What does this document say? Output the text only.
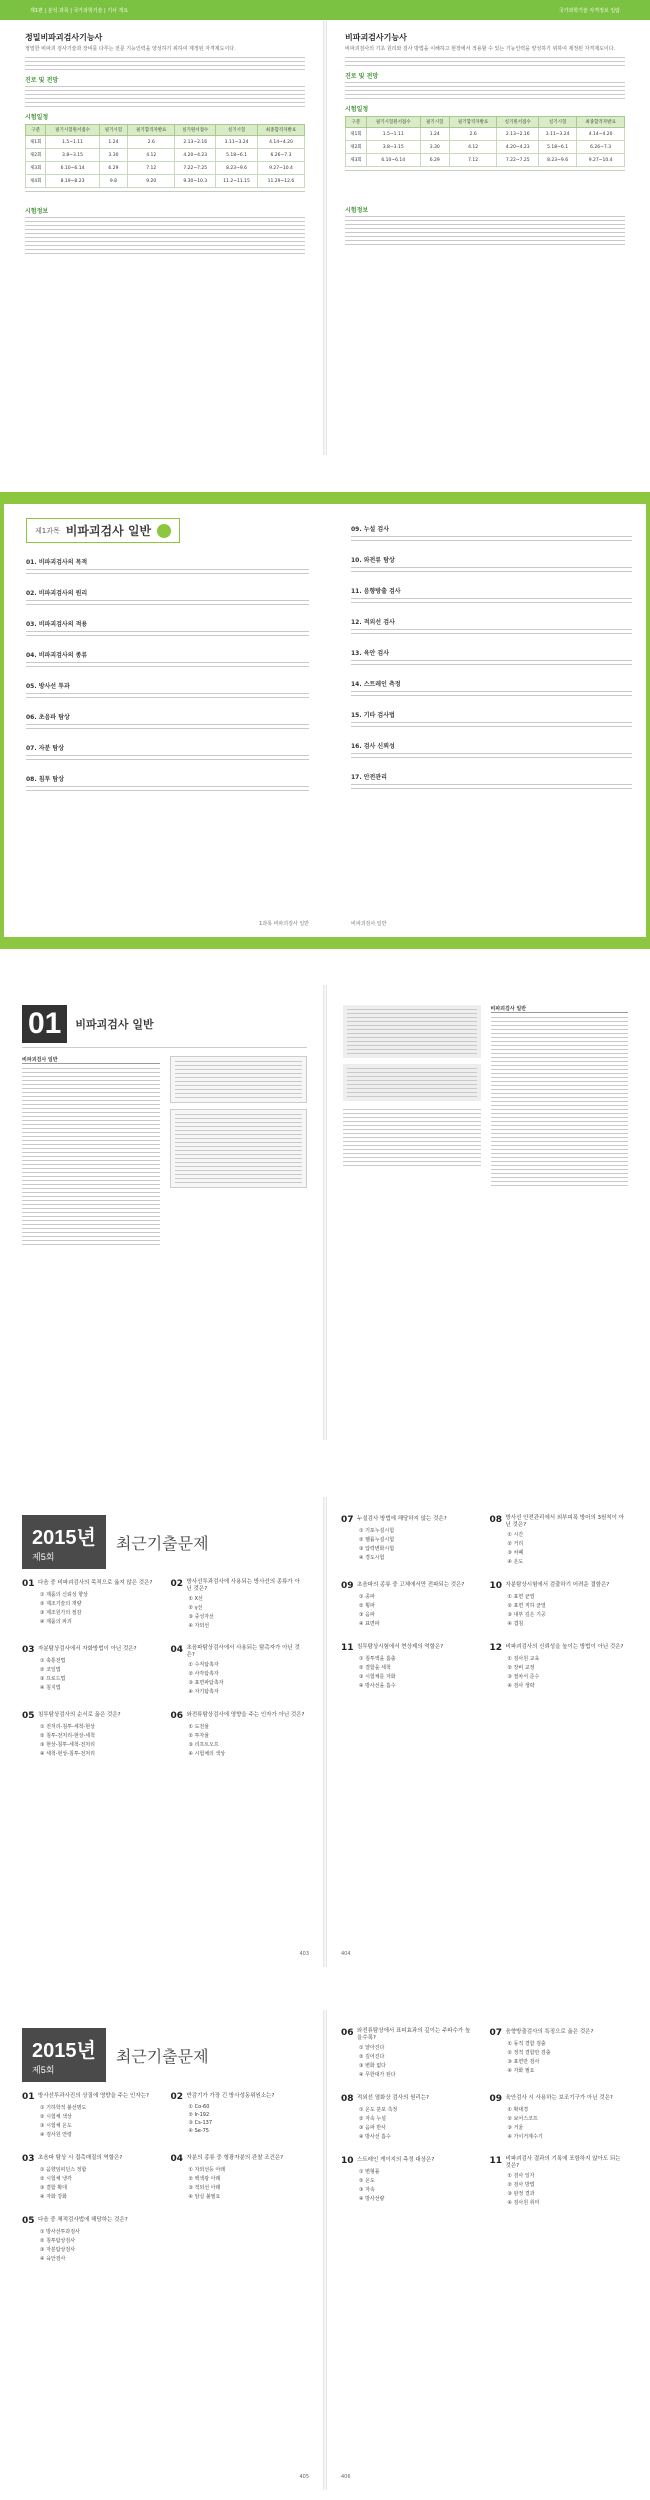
제1편 | 분석 과목 | 국가과학기술 | 기사 개요	국가과학기술 자격정보 일람
정밀비파괴검사기능사
정밀한 비파괴 검사기술과 장비를 다루는 전문 기능인력을 양성하기 위하여 제정된 자격제도이다.
진로 및 전망
시험일정
구분	필기시험원서접수	필기시험	필기합격자발표	실기원서접수	실기시험	최종합격자발표
제1회	1.5~1.11	1.24	2.6	2.13~2.16	3.11~3.24	4.14~4.20
제2회	3.8~3.15	3.30	4.12	4.20~4.23	5.18~6.1	6.26~7.3
제3회	6.10~6.14	6.29	7.12	7.22~7.25	8.23~9.6	9.27~10.4
제4회	8.19~8.23	9.8	9.20	9.30~10.3	11.2~11.15	11.29~12.6
시험정보
비파괴검사기능사
비파괴검사의 기초 원리와 검사 방법을 이해하고 현장에서 적용할 수 있는 기능인력을 양성하기 위하여 제정된 자격제도이다.
진로 및 전망
시험일정
구분	필기시험원서접수	필기시험	필기합격자발표	실기원서접수	실기시험	최종합격자발표
제1회	1.5~1.11	1.24	2.6	2.13~2.16	3.11~3.24	4.14~4.20
제2회	3.8~3.15	3.30	4.12	4.20~4.23	5.18~6.1	6.26~7.3
제3회	6.10~6.14	6.29	7.12	7.22~7.25	8.23~9.6	9.27~10.4
시험정보
제1과목 비파괴검사 일반
01. 비파괴검사의 목적
02. 비파괴검사의 원리
03. 비파괴검사의 적용
04. 비파괴검사의 종류
05. 방사선 투과
06. 초음파 탐상
07. 자분 탐상
08. 침투 탐상
1과목 비파괴검사 일반
09. 누설 검사
10. 와전류 탐상
11. 음향방출 검사
12. 적외선 검사
13. 육안 검사
14. 스트레인 측정
15. 기타 검사법
16. 검사 신뢰성
17. 안전관리
비파괴검사 일반
01	비파괴검사 일반
비파괴검사 일반
비파괴검사 일반
2015년
제5회
최근기출문제
01 다음 중 비파괴검사의 목적으로 옳지 않은 것은?
① 제품의 신뢰성 향상
② 제조기술의 개량
③ 제조원가의 절감
④ 제품의 파괴
02 방사선투과검사에 사용되는 방사선의 종류가 아닌 것은?
① X선
② γ선
③ 중성자선
④ 자외선
03 자분탐상검사에서 자화방법이 아닌 것은?
① 축통전법
② 코일법
③ 프로드법
④ 침지법
04 초음파탐상검사에서 사용되는 탐촉자가 아닌 것은?
① 수직탐촉자
② 사각탐촉자
③ 표면파탐촉자
④ 자기탐촉자
05 침투탐상검사의 순서로 옳은 것은?
① 전처리-침투-세척-현상
② 침투-전처리-현상-세척
③ 현상-침투-세척-전처리
④ 세척-현상-침투-전처리
06 와전류탐상검사에 영향을 주는 인자가 아닌 것은?
① 도전율
② 투자율
③ 리프트오프
④ 시험체의 색상
403
07 누설검사 방법에 해당하지 않는 것은?
① 기포누설시험
② 헬륨누설시험
③ 압력변화시험
④ 경도시험
08 방사선 안전관리에서 외부피폭 방어의 3원칙이 아닌 것은?
① 시간
② 거리
③ 차폐
④ 온도
09 초음파의 종류 중 고체에서만 전파되는 것은?
① 종파
② 횡파
③ 음파
④ 표면파
10 자분탐상시험에서 검출하기 어려운 결함은?
① 표면 균열
② 표면 직하 균열
③ 내부 깊은 기공
④ 겹침
11 침투탐상시험에서 현상제의 역할은?
① 침투액을 흡출
② 결함을 세척
③ 시험체를 자화
④ 방사선을 흡수
12 비파괴검사의 신뢰성을 높이는 방법이 아닌 것은?
① 검사원 교육
② 장비 교정
③ 절차서 준수
④ 검사 생략
404
2015년
제5회
최근기출문제
01 방사선투과사진의 상질에 영향을 주는 인자는?
① 기하학적 불선명도
② 시험체 색상
③ 시험체 온도
④ 검사원 연령
02 반감기가 가장 긴 방사성동위원소는?
① Co-60
② Ir-192
③ Cs-137
④ Se-75
03 초음파 탐상 시 접촉매질의 역할은?
① 음향임피던스 정합
② 시험체 냉각
③ 결함 확대
④ 자화 강화
04 자분의 종류 중 형광자분의 관찰 조건은?
① 자외선등 아래
② 백색광 아래
③ 적외선 아래
④ 암실 불필요
05 다음 중 체적검사법에 해당하는 것은?
① 방사선투과검사
② 침투탐상검사
③ 자분탐상검사
④ 육안검사
405
06 와전류탐상에서 표피효과의 깊이는 주파수가 높을수록?
① 얕아진다
② 깊어진다
③ 변화 없다
④ 무한대가 된다
07 음향방출검사의 특징으로 옳은 것은?
① 동적 결함 검출
② 정적 결함만 검출
③ 표면만 검사
④ 자화 필요
08 적외선 열화상 검사의 원리는?
① 온도 분포 측정
② 자속 누설
③ 음파 반사
④ 방사선 흡수
09 육안검사 시 사용하는 보조기구가 아닌 것은?
① 확대경
② 보어스코프
③ 거울
④ 가이거계수기
10 스트레인 게이지의 측정 대상은?
① 변형률
② 온도
③ 자속
④ 방사선량
11 비파괴검사 결과의 기록에 포함하지 않아도 되는 것은?
① 검사 일자
② 검사 방법
③ 판정 결과
④ 검사원 취미
406
